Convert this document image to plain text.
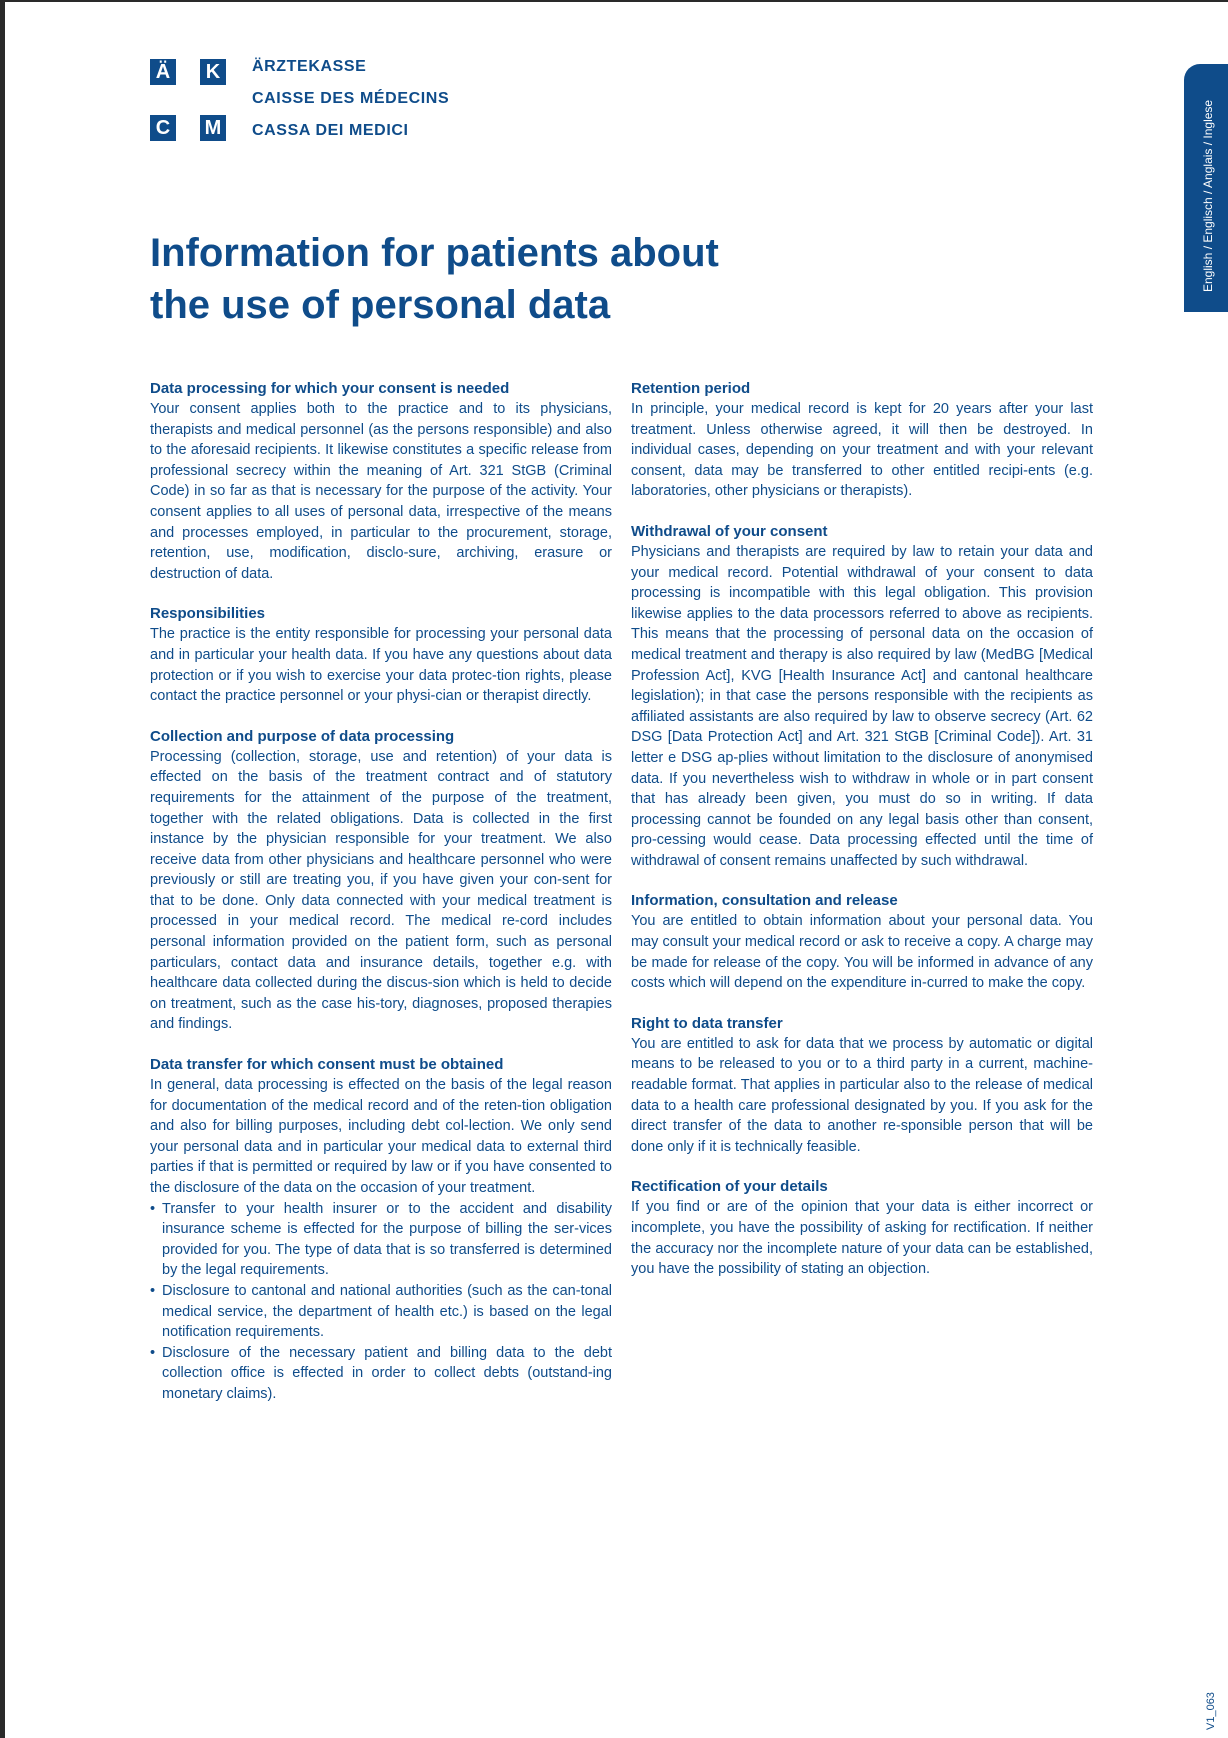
Ä K
C M
ÄRZTEKASSE
CAISSE DES MÉDECINS
CASSA DEI MEDICI
Information for patients about
the use of personal data
Data processing for which your consent is needed

Your consent applies both to the practice and to its physicians, therapists and medical personnel (as the persons responsible) and also to the aforesaid recipients. It likewise constitutes a specific release from professional secrecy within the meaning of Art. 321 StGB (Criminal Code) in so far as that is necessary for the purpose of the activity. Your consent applies to all uses of personal data, irrespective of the means and processes employed, in particular to the procurement, storage, retention, use, modification, disclo-sure, archiving, erasure or destruction of data.

Responsibilities

The practice is the entity responsible for processing your personal data and in particular your health data. If you have any questions about data protection or if you wish to exercise your data protec-tion rights, please contact the practice personnel or your physi-cian or therapist directly.

Collection and purpose of data processing

Processing (collection, storage, use and retention) of your data is effected on the basis of the treatment contract and of statutory requirements for the attainment of the purpose of the treatment, together with the related obligations. Data is collected in the first instance by the physician responsible for your treatment. We also receive data from other physicians and healthcare personnel who were previously or still are treating you, if you have given your con-sent for that to be done. Only data connected with your medical treatment is processed in your medical record. The medical re-cord includes personal information provided on the patient form, such as personal particulars, contact data and insurance details, together e.g. with healthcare data collected during the discus-sion which is held to decide on treatment, such as the case his-tory, diagnoses, proposed therapies and findings.

Data transfer for which consent must be obtained

In general, data processing is effected on the basis of the legal reason for documentation of the medical record and of the reten-tion obligation and also for billing purposes, including debt col-lection. We only send your personal data and in particular your medical data to external third parties if that is permitted or required by law or if you have consented to the disclosure of the data on the occasion of your treatment.

• Transfer to your health insurer or to the accident and disability insurance scheme is effected for the purpose of billing the ser-vices provided for you. The type of data that is so transferred is determined by the legal requirements.
• Disclosure to cantonal and national authorities (such as the can-tonal medical service, the department of health etc.) is based on the legal notification requirements.
• Disclosure of the necessary patient and billing data to the debt collection office is effected in order to collect debts (outstand-ing monetary claims).
Retention period

In principle, your medical record is kept for 20 years after your last treatment. Unless otherwise agreed, it will then be destroyed. In individual cases, depending on your treatment and with your relevant consent, data may be transferred to other entitled recipi-ents (e.g. laboratories, other physicians or therapists).

Withdrawal of your consent

Physicians and therapists are required by law to retain your data and your medical record. Potential withdrawal of your consent to data processing is incompatible with this legal obligation. This provision likewise applies to the data processors referred to above as recipients. This means that the processing of personal data on the occasion of medical treatment and therapy is also required by law (MedBG [Medical Profession Act], KVG [Health Insurance Act] and cantonal healthcare legislation); in that case the persons responsible with the recipients as affiliated assistants are also required by law to observe secrecy (Art. 62 DSG [Data Protection Act] and Art. 321 StGB [Criminal Code]). Art. 31 letter e DSG ap-plies without limitation to the disclosure of anonymised data. If you nevertheless wish to withdraw in whole or in part consent that has already been given, you must do so in writing. If data processing cannot be founded on any legal basis other than consent, pro-cessing would cease. Data processing effected until the time of withdrawal of consent remains unaffected by such withdrawal.

Information, consultation and release

You are entitled to obtain information about your personal data. You may consult your medical record or ask to receive a copy. A charge may be made for release of the copy. You will be informed in advance of any costs which will depend on the expenditure in-curred to make the copy.

Right to data transfer

You are entitled to ask for data that we process by automatic or digital means to be released to you or to a third party in a current, machine-readable format. That applies in particular also to the release of medical data to a health care professional designated by you. If you ask for the direct transfer of the data to another re-sponsible person that will be done only if it is technically feasible.

Rectification of your details

If you find or are of the opinion that your data is either incorrect or incomplete, you have the possibility of asking for rectification. If neither the accuracy nor the incomplete nature of your data can be established, you have the possibility of stating an objection.

English / Englisch / Anglais / Inglese
V1_063
